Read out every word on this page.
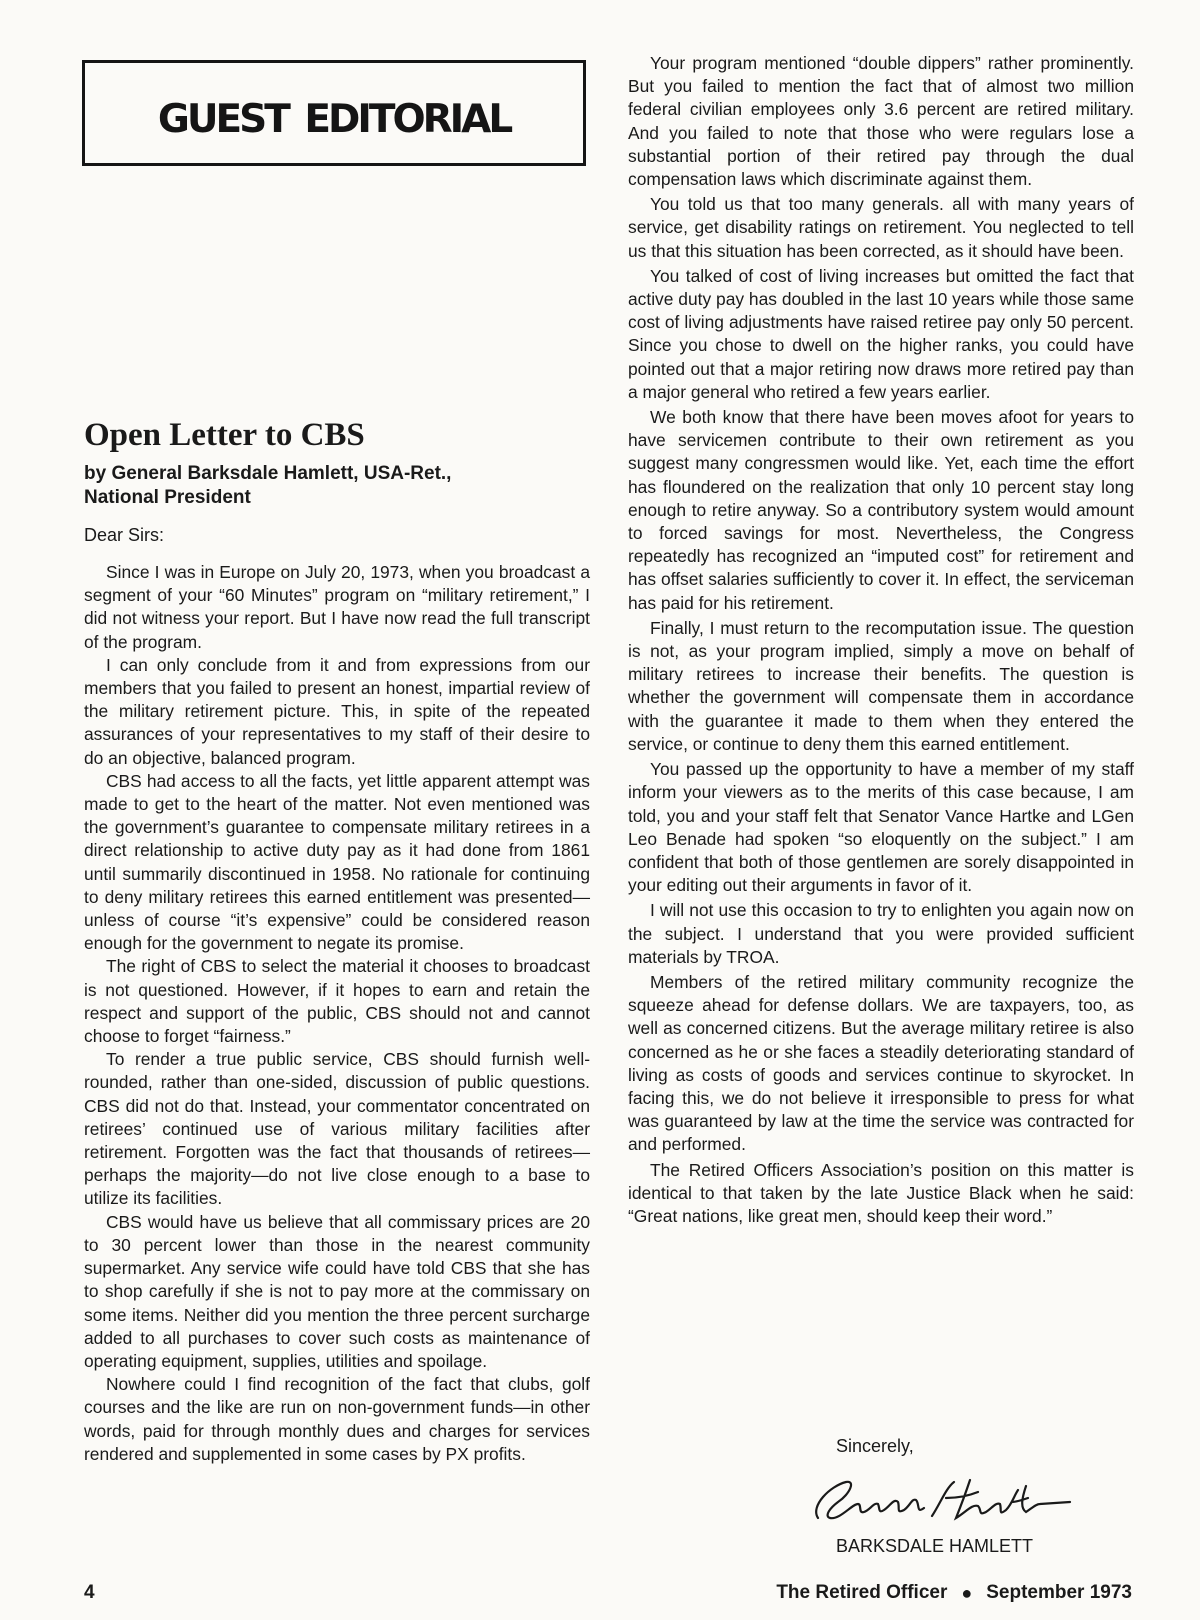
guest editorial
Open Letter to CBS
by General Barksdale Hamlett, USA-Ret.,
National President
Dear Sirs:

Since I was in Europe on July 20, 1973, when you broadcast a segment of your “60 Minutes” program on “military retirement,” I did not witness your report. But I have now read the full transcript of the program.

I can only conclude from it and from expressions from our members that you failed to present an honest, impartial review of the military retirement picture. This, in spite of the repeated assurances of your representatives to my staff of their desire to do an objective, balanced program.

CBS had access to all the facts, yet little apparent attempt was made to get to the heart of the matter. Not even mentioned was the government’s guarantee to compensate military retirees in a direct relationship to active duty pay as it had done from 1861 until summarily discontinued in 1958. No rationale for continuing to deny military retirees this earned entitlement was presented—unless of course “it’s expensive” could be considered reason enough for the government to negate its promise.

The right of CBS to select the material it chooses to broadcast is not questioned. However, if it hopes to earn and retain the respect and support of the public, CBS should not and cannot choose to forget “fairness.”

To render a true public service, CBS should furnish well-rounded, rather than one-sided, discussion of public questions. CBS did not do that. Instead, your commentator concentrated on retirees’ continued use of various military facilities after retirement. Forgotten was the fact that thousands of retirees—perhaps the majority—do not live close enough to a base to utilize its facilities.

CBS would have us believe that all commissary prices are 20 to 30 percent lower than those in the nearest community supermarket. Any service wife could have told CBS that she has to shop carefully if she is not to pay more at the commissary on some items. Neither did you mention the three percent surcharge added to all purchases to cover such costs as maintenance of operating equipment, supplies, utilities and spoilage.

Nowhere could I find recognition of the fact that clubs, golf courses and the like are run on non-government funds—in other words, paid for through monthly dues and charges for services rendered and supplemented in some cases by PX profits.

Your program mentioned “double dippers” rather prominently. But you failed to mention the fact that of almost two million federal civilian employees only 3.6 percent are retired military. And you failed to note that those who were regulars lose a substantial portion of their retired pay through the dual compensation laws which discriminate against them.

You told us that too many generals. all with many years of service, get disability ratings on retirement. You neglected to tell us that this situation has been corrected, as it should have been.

You talked of cost of living increases but omitted the fact that active duty pay has doubled in the last 10 years while those same cost of living adjustments have raised retiree pay only 50 percent. Since you chose to dwell on the higher ranks, you could have pointed out that a major retiring now draws more retired pay than a major general who retired a few years earlier.

We both know that there have been moves afoot for years to have servicemen contribute to their own retirement as you suggest many congressmen would like. Yet, each time the effort has floundered on the realization that only 10 percent stay long enough to retire anyway. So a contributory system would amount to forced savings for most. Nevertheless, the Congress repeatedly has recognized an “imputed cost” for retirement and has offset salaries sufficiently to cover it. In effect, the serviceman has paid for his retirement.

Finally, I must return to the recomputation issue. The question is not, as your program implied, simply a move on behalf of military retirees to increase their benefits. The question is whether the government will compensate them in accordance with the guarantee it made to them when they entered the service, or continue to deny them this earned entitlement.

You passed up the opportunity to have a member of my staff inform your viewers as to the merits of this case because, I am told, you and your staff felt that Senator Vance Hartke and LGen Leo Benade had spoken “so eloquently on the subject.” I am confident that both of those gentlemen are sorely disappointed in your editing out their arguments in favor of it.

I will not use this occasion to try to enlighten you again now on the subject. I understand that you were provided sufficient materials by TROA.

Members of the retired military community recognize the squeeze ahead for defense dollars. We are taxpayers, too, as well as concerned citizens. But the average military retiree is also concerned as he or she faces a steadily deteriorating standard of living as costs of goods and services continue to skyrocket. In facing this, we do not believe it irresponsible to press for what was guaranteed by law at the time the service was contracted for and performed.

The Retired Officers Association’s position on this matter is identical to that taken by the late Justice Black when he said: “Great nations, like great men, should keep their word.”

Sincerely,
BARKSDALE HAMLETT
4	The Retired Officer ● September 1973
